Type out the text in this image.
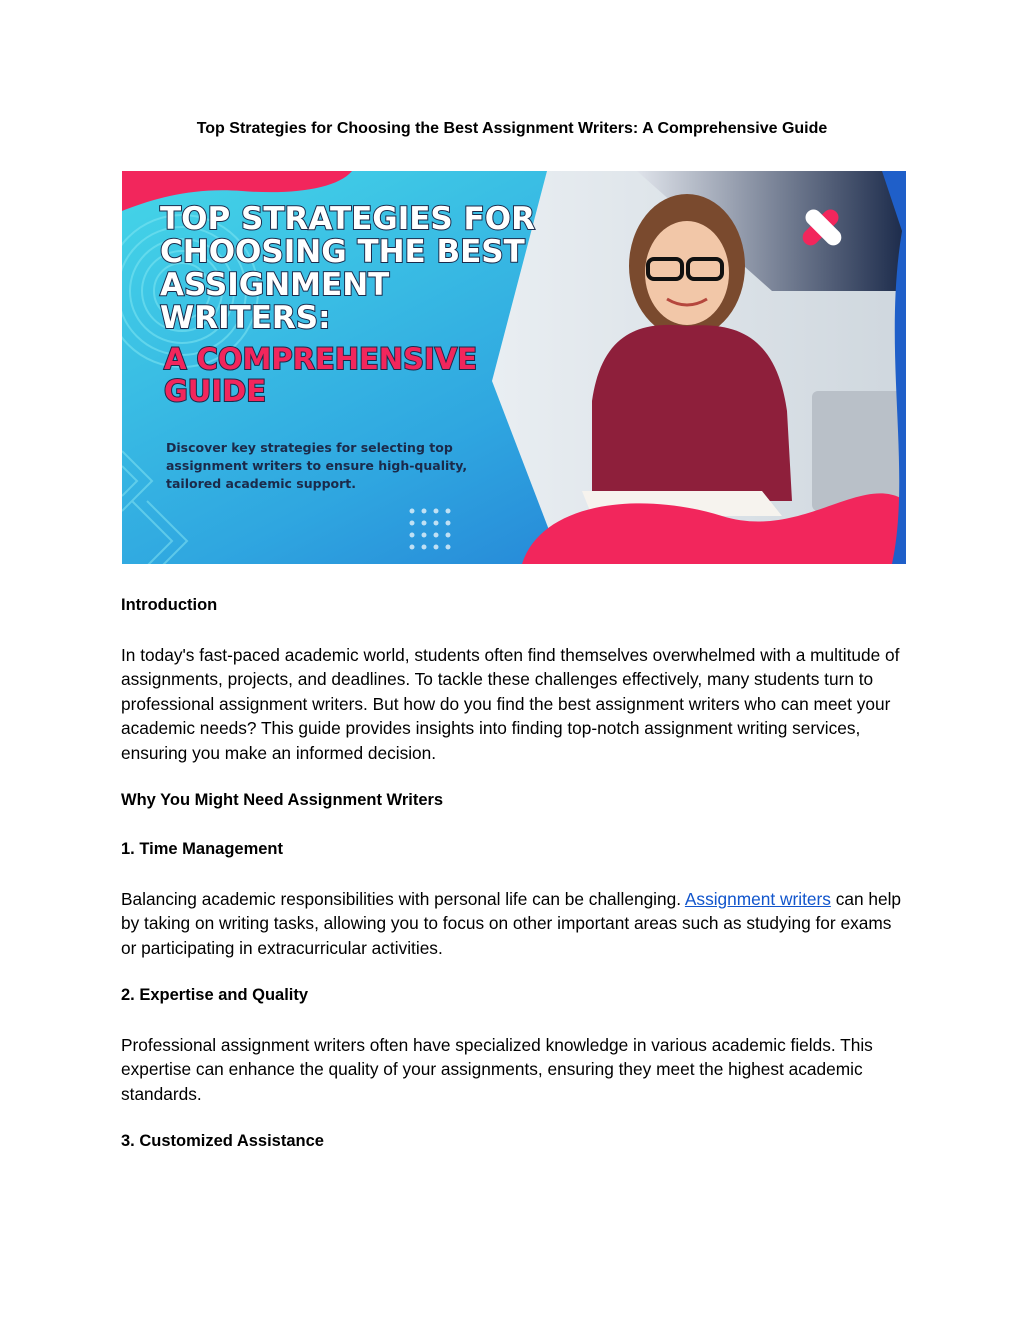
Top Strategies for Choosing the Best Assignment Writers: A Comprehensive Guide
TOP STRATEGIES FOR
CHOOSING THE BEST
ASSIGNMENT
WRITERS:
A COMPREHENSIVE
GUIDE
Discover key strategies for selecting top
assignment writers to ensure high-quality,
tailored academic support.
Introduction

In today's fast-paced academic world, students often find themselves overwhelmed with a multitude of assignments, projects, and deadlines. To tackle these challenges effectively, many students turn to professional assignment writers. But how do you find the best assignment writers who can meet your academic needs? This guide provides insights into finding top-notch assignment writing services, ensuring you make an informed decision.

Why You Might Need Assignment Writers
1. Time Management

Balancing academic responsibilities with personal life can be challenging. Assignment writers can help by taking on writing tasks, allowing you to focus on other important areas such as studying for exams or participating in extracurricular activities.

2. Expertise and Quality

Professional assignment writers often have specialized knowledge in various academic fields. This expertise can enhance the quality of your assignments, ensuring they meet the highest academic standards.

3. Customized Assistance
